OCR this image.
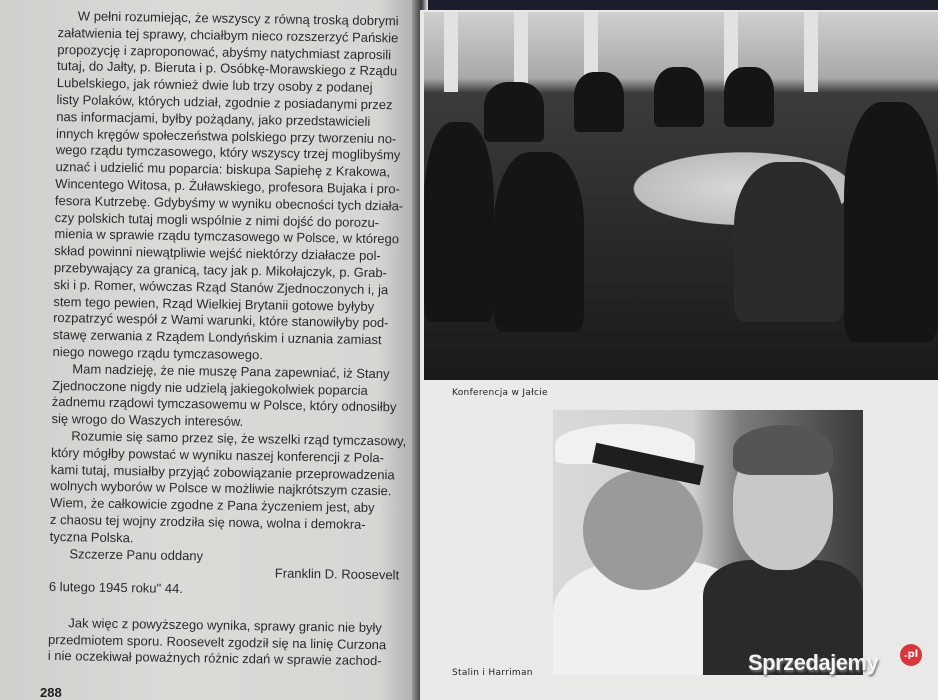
W pełni rozumiejąc, że wszyscy z równą troską dobrymi
załatwienia tej sprawy, chciałbym nieco rozszerzyć Pańskie
propozycję i zaproponować, abyśmy natychmiast zaprosili
tutaj, do Jałty, p. Bieruta i p. Osóbkę-Morawskiego z Rządu
Lubelskiego, jak również dwie lub trzy osoby z podanej
listy Polaków, których udział, zgodnie z posiadanymi przez
nas informacjami, byłby pożądany, jako przedstawicieli
innych kręgów społeczeństwa polskiego przy tworzeniu no-
wego rządu tymczasowego, który wszyscy trzej moglibyśmy
uznać i udzielić mu poparcia: biskupa Sapiehę z Krakowa,
Wincentego Witosa, p. Żuławskiego, profesora Bujaka i pro-
fesora Kutrzebę. Gdybyśmy w wyniku obecności tych działa-
czy polskich tutaj mogli wspólnie z nimi dojść do porozu-
mienia w sprawie rządu tymczasowego w Polsce, w którego
skład powinni niewątpliwie wejść niektórzy działacze pol-
przebywający za granicą, tacy jak p. Mikołajczyk, p. Grab-
ski i p. Romer, wówczas Rząd Stanów Zjednoczonych i, ja
stem tego pewien, Rząd Wielkiej Brytanii gotowe byłyby
rozpatrzyć wespół z Wami warunki, które stanowiłyby pod-
stawę zerwania z Rządem Londyńskim i uznania zamiast
niego nowego rządu tymczasowego.
Mam nadzieję, że nie muszę Pana zapewniać, iż Stany
Zjednoczone nigdy nie udzielą jakiegokolwiek poparcia
żadnemu rządowi tymczasowemu w Polsce, który odnosiłby
się wrogo do Waszych interesów.
Rozumie się samo przez się, że wszelki rząd tymczasowy,
który mógłby powstać w wyniku naszej konferencji z Pola-
kami tutaj, musiałby przyjąć zobowiązanie przeprowadzenia
wolnych wyborów w Polsce w możliwie najkrótszym czasie.
Wiem, że całkowicie zgodne z Pana życzeniem jest, aby
z chaosu tej wojny zrodziła się nowa, wolna i demokra-
tyczna Polska.
Szczerze Panu oddany
Franklin D. Roosevelt
6 lutego 1945 roku" 44.
Jak więc z powyższego wynika, sprawy granic nie były
przedmiotem sporu. Roosevelt zgodził się na linię Curzona
i nie oczekiwał poważnych różnic zdań w sprawie zachod-
288
Konferencja w Jałcie
Stalin i Harriman	Sprzedajemy	.pl
